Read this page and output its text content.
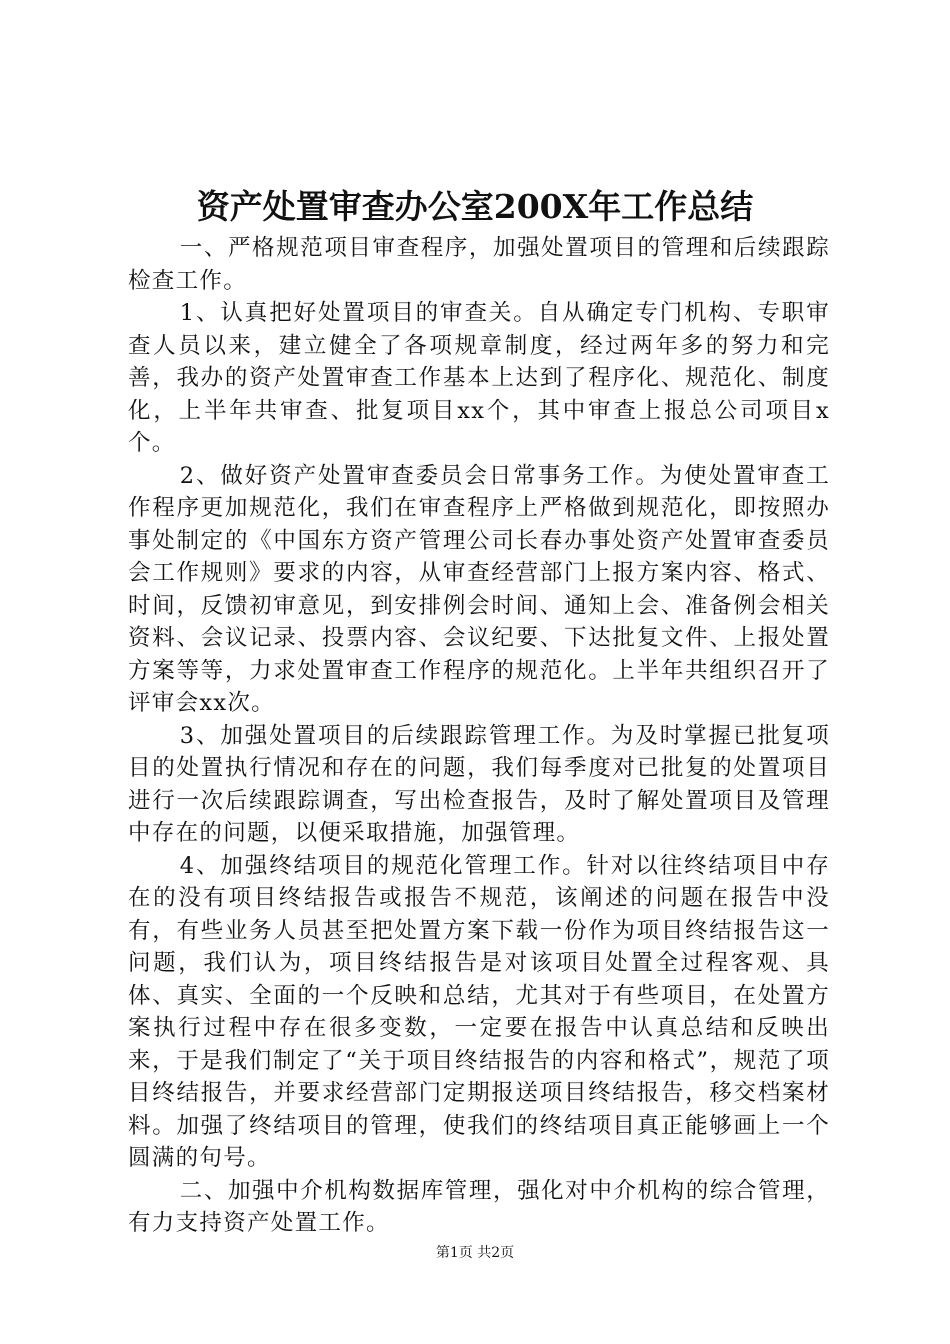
资产处置审查办公室200X年工作总结

一、严格规范项目审查程序，加强处置项目的管理和后续跟踪检查工作。

1、认真把好处置项目的审查关。自从确定专门机构、专职审查人员以来，建立健全了各项规章制度，经过两年多的努力和完善，我办的资产处置审查工作基本上达到了程序化、规范化、制度化，上半年共审查、批复项目xx个，其中审查上报总公司项目x个。

2、做好资产处置审查委员会日常事务工作。为使处置审查工作程序更加规范化，我们在审查程序上严格做到规范化，即按照办事处制定的《中国东方资产管理公司长春办事处资产处置审查委员会工作规则》要求的内容，从审查经营部门上报方案内容、格式、时间，反馈初审意见，到安排例会时间、通知上会、准备例会相关资料、会议记录、投票内容、会议纪要、下达批复文件、上报处置方案等等，力求处置审查工作程序的规范化。上半年共组织召开了评审会xx次。

3、加强处置项目的后续跟踪管理工作。为及时掌握已批复项目的处置执行情况和存在的问题，我们每季度对已批复的处置项目进行一次后续跟踪调查，写出检查报告，及时了解处置项目及管理中存在的问题，以便采取措施，加强管理。

4、加强终结项目的规范化管理工作。针对以往终结项目中存在的没有项目终结报告或报告不规范，该阐述的问题在报告中没有，有些业务人员甚至把处置方案下载一份作为项目终结报告这一问题，我们认为，项目终结报告是对该项目处置全过程客观、具体、真实、全面的一个反映和总结，尤其对于有些项目，在处置方案执行过程中存在很多变数，一定要在报告中认真总结和反映出来，于是我们制定了“关于项目终结报告的内容和格式”，规范了项目终结报告，并要求经营部门定期报送项目终结报告，移交档案材料。加强了终结项目的管理，使我们的终结项目真正能够画上一个圆满的句号。

二、加强中介机构数据库管理，强化对中介机构的综合管理，有力支持资产处置工作。

第1页 共2页
